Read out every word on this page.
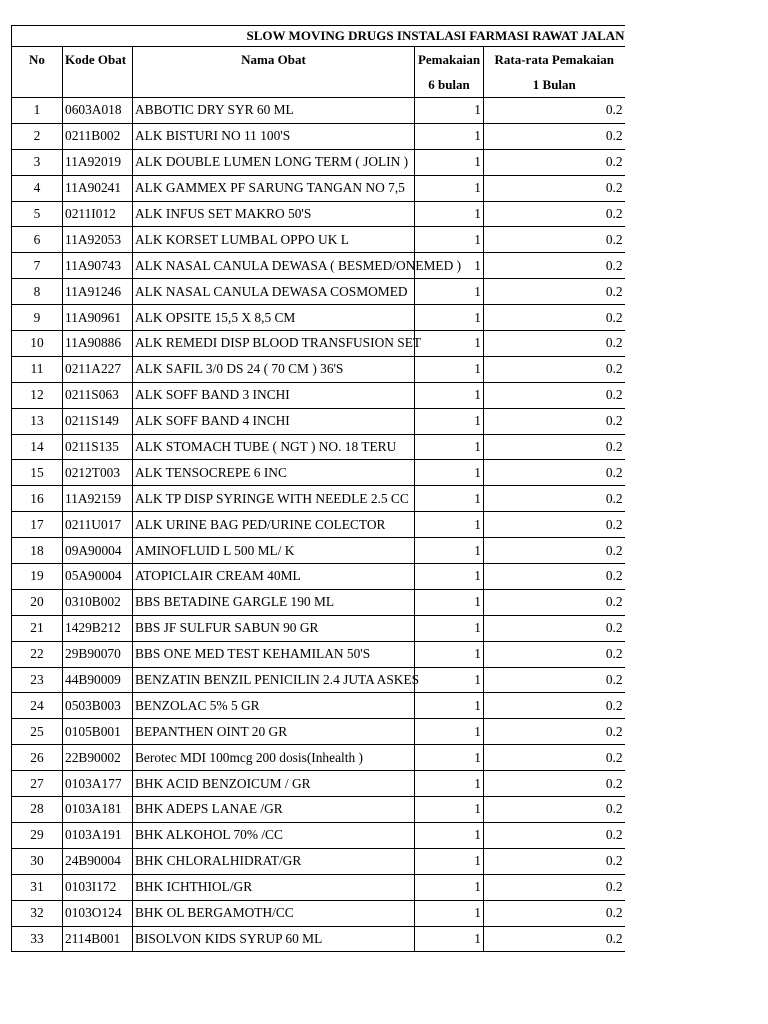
SLOW MOVING DRUGS INSTALASI FARMASI RAWAT JALAN				
No	Kode Obat	Nama Obat	Pemakaian	Rata-rata Pemakaian
			6 bulan	1 Bulan
1	0603A018	ABBOTIC DRY SYR 60 ML	1	0.2
2	0211B002	ALK BISTURI NO 11 100'S	1	0.2
3	11A92019	ALK DOUBLE LUMEN LONG TERM ( JOLIN )	1	0.2
4	11A90241	ALK GAMMEX PF SARUNG TANGAN NO 7,5	1	0.2
5	0211I012	ALK INFUS SET MAKRO 50'S	1	0.2
6	11A92053	ALK KORSET LUMBAL OPPO UK L	1	0.2
7	11A90743	ALK NASAL CANULA DEWASA ( BESMED/ONEMED )	1	0.2
8	11A91246	ALK NASAL CANULA DEWASA COSMOMED	1	0.2
9	11A90961	ALK OPSITE 15,5 X 8,5 CM	1	0.2
10	11A90886	ALK REMEDI DISP BLOOD TRANSFUSION SET	1	0.2
11	0211A227	ALK SAFIL 3/0 DS 24 ( 70 CM ) 36'S	1	0.2
12	0211S063	ALK SOFF BAND 3 INCHI	1	0.2
13	0211S149	ALK SOFF BAND 4 INCHI	1	0.2
14	0211S135	ALK STOMACH TUBE ( NGT ) NO. 18 TERU	1	0.2
15	0212T003	ALK TENSOCREPE 6 INC	1	0.2
16	11A92159	ALK TP DISP SYRINGE WITH NEEDLE 2.5 CC	1	0.2
17	0211U017	ALK URINE BAG PED/URINE COLECTOR	1	0.2
18	09A90004	AMINOFLUID L 500 ML/ K	1	0.2
19	05A90004	ATOPICLAIR CREAM 40ML	1	0.2
20	0310B002	BBS BETADINE GARGLE 190 ML	1	0.2
21	1429B212	BBS JF SULFUR SABUN 90 GR	1	0.2
22	29B90070	BBS ONE MED TEST KEHAMILAN 50'S	1	0.2
23	44B90009	BENZATIN BENZIL PENICILIN 2.4 JUTA ASKES	1	0.2
24	0503B003	BENZOLAC 5% 5 GR	1	0.2
25	0105B001	BEPANTHEN OINT 20 GR	1	0.2
26	22B90002	Berotec MDI 100mcg 200 dosis(Inhealth )	1	0.2
27	0103A177	BHK ACID BENZOICUM / GR	1	0.2
28	0103A181	BHK ADEPS LANAE /GR	1	0.2
29	0103A191	BHK ALKOHOL 70% /CC	1	0.2
30	24B90004	BHK CHLORALHIDRAT/GR	1	0.2
31	0103I172	BHK ICHTHIOL/GR	1	0.2
32	0103O124	BHK OL BERGAMOTH/CC	1	0.2
33	2114B001	BISOLVON KIDS SYRUP 60 ML	1	0.2
